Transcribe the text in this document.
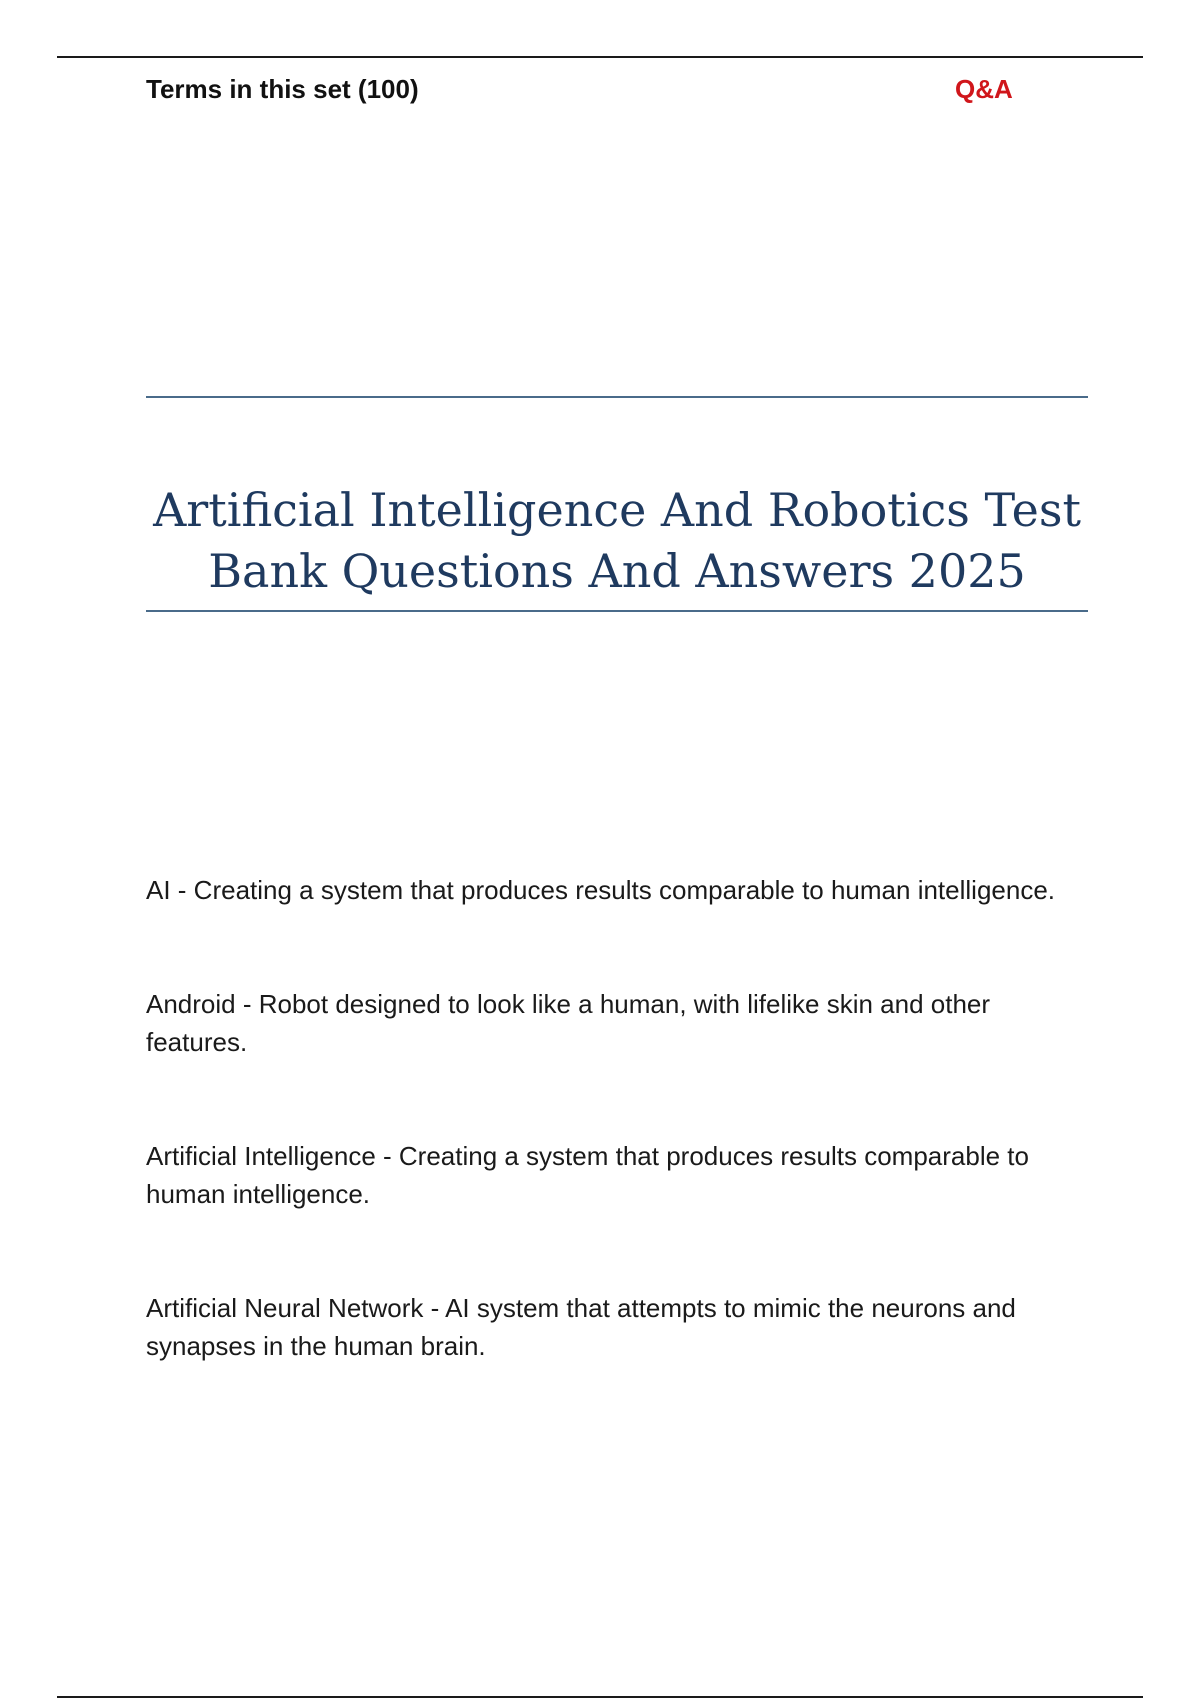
Terms in this set (100)	Q&A
Artificial Intelligence And Robotics Test Bank Questions And Answers 2025
AI - Creating a system that produces results comparable to human intelligence.
Android - Robot designed to look like a human, with lifelike skin and other features.
Artificial Intelligence - Creating a system that produces results comparable to human intelligence.
Artificial Neural Network - AI system that attempts to mimic the neurons and synapses in the human brain.
